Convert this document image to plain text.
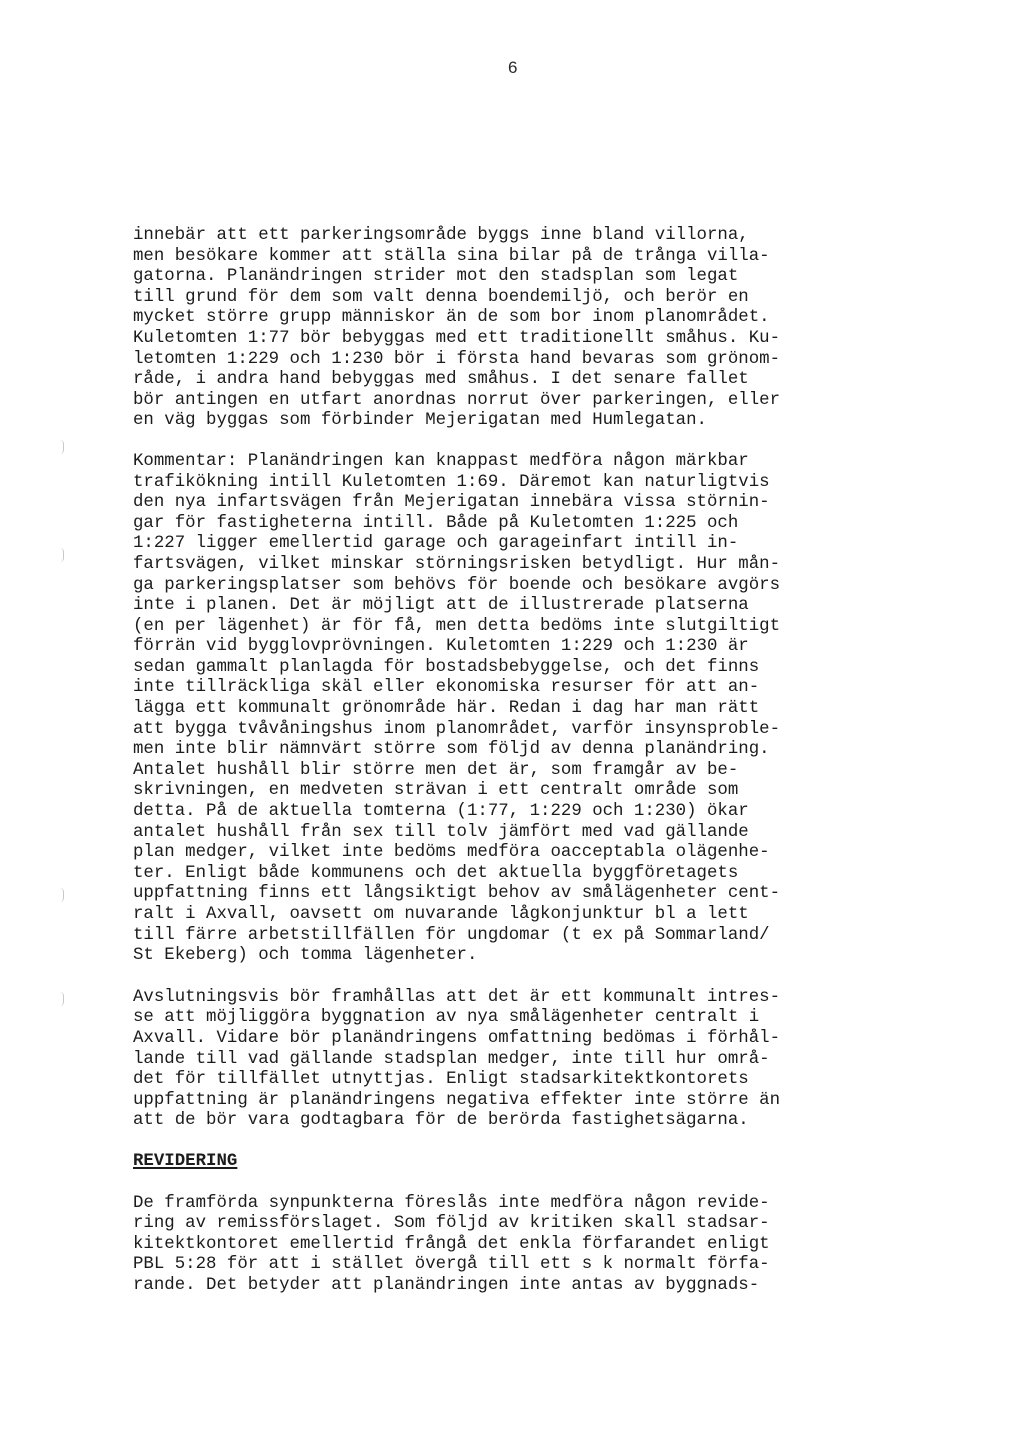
6
innebär att ett parkeringsområde byggs inne bland villorna,
men besökare kommer att ställa sina bilar på de trånga villa-
gatorna. Planändringen strider mot den stadsplan som legat
till grund för dem som valt denna boendemiljö, och berör en
mycket större grupp människor än de som bor inom planområdet.
Kuletomten 1:77 bör bebyggas med ett traditionellt småhus. Ku-
letomten 1:229 och 1:230 bör i första hand bevaras som grönom-
råde, i andra hand bebyggas med småhus. I det senare fallet
bör antingen en utfart anordnas norrut över parkeringen, eller
en väg byggas som förbinder Mejerigatan med Humlegatan.
Kommentar: Planändringen kan knappast medföra någon märkbar
trafikökning intill Kuletomten 1:69. Däremot kan naturligtvis
den nya infartsvägen från Mejerigatan innebära vissa störnin-
gar för fastigheterna intill. Både på Kuletomten 1:225 och
1:227 ligger emellertid garage och garageinfart intill in-
fartsvägen, vilket minskar störningsrisken betydligt. Hur mån-
ga parkeringsplatser som behövs för boende och besökare avgörs
inte i planen. Det är möjligt att de illustrerade platserna
(en per lägenhet) är för få, men detta bedöms inte slutgiltigt
förrän vid bygglovprövningen. Kuletomten 1:229 och 1:230 är
sedan gammalt planlagda för bostadsbebyggelse, och det finns
inte tillräckliga skäl eller ekonomiska resurser för att an-
lägga ett kommunalt grönområde här. Redan i dag har man rätt
att bygga tvåvåningshus inom planområdet, varför insynsproble-
men inte blir nämnvärt större som följd av denna planändring.
Antalet hushåll blir större men det är, som framgår av be-
skrivningen, en medveten strävan i ett centralt område som
detta. På de aktuella tomterna (1:77, 1:229 och 1:230) ökar
antalet hushåll från sex till tolv jämfört med vad gällande
plan medger, vilket inte bedöms medföra oacceptabla olägenhe-
ter. Enligt både kommunens och det aktuella byggföretagets
uppfattning finns ett långsiktigt behov av smålägenheter cent-
ralt i Axvall, oavsett om nuvarande lågkonjunktur bl a lett
till färre arbetstillfällen för ungdomar (t ex på Sommarland/
St Ekeberg) och tomma lägenheter.
Avslutningsvis bör framhållas att det är ett kommunalt intres-
se att möjliggöra byggnation av nya smålägenheter centralt i
Axvall. Vidare bör planändringens omfattning bedömas i förhål-
lande till vad gällande stadsplan medger, inte till hur områ-
det för tillfället utnyttjas. Enligt stadsarkitektkontorets
uppfattning är planändringens negativa effekter inte större än
att de bör vara godtagbara för de berörda fastighetsägarna.
REVIDERING
De framförda synpunkterna föreslås inte medföra någon revide-
ring av remissförslaget. Som följd av kritiken skall stadsar-
kitektkontoret emellertid frångå det enkla förfarandet enligt
PBL 5:28 för att i stället övergå till ett s k normalt förfa-
rande. Det betyder att planändringen inte antas av byggnads-
